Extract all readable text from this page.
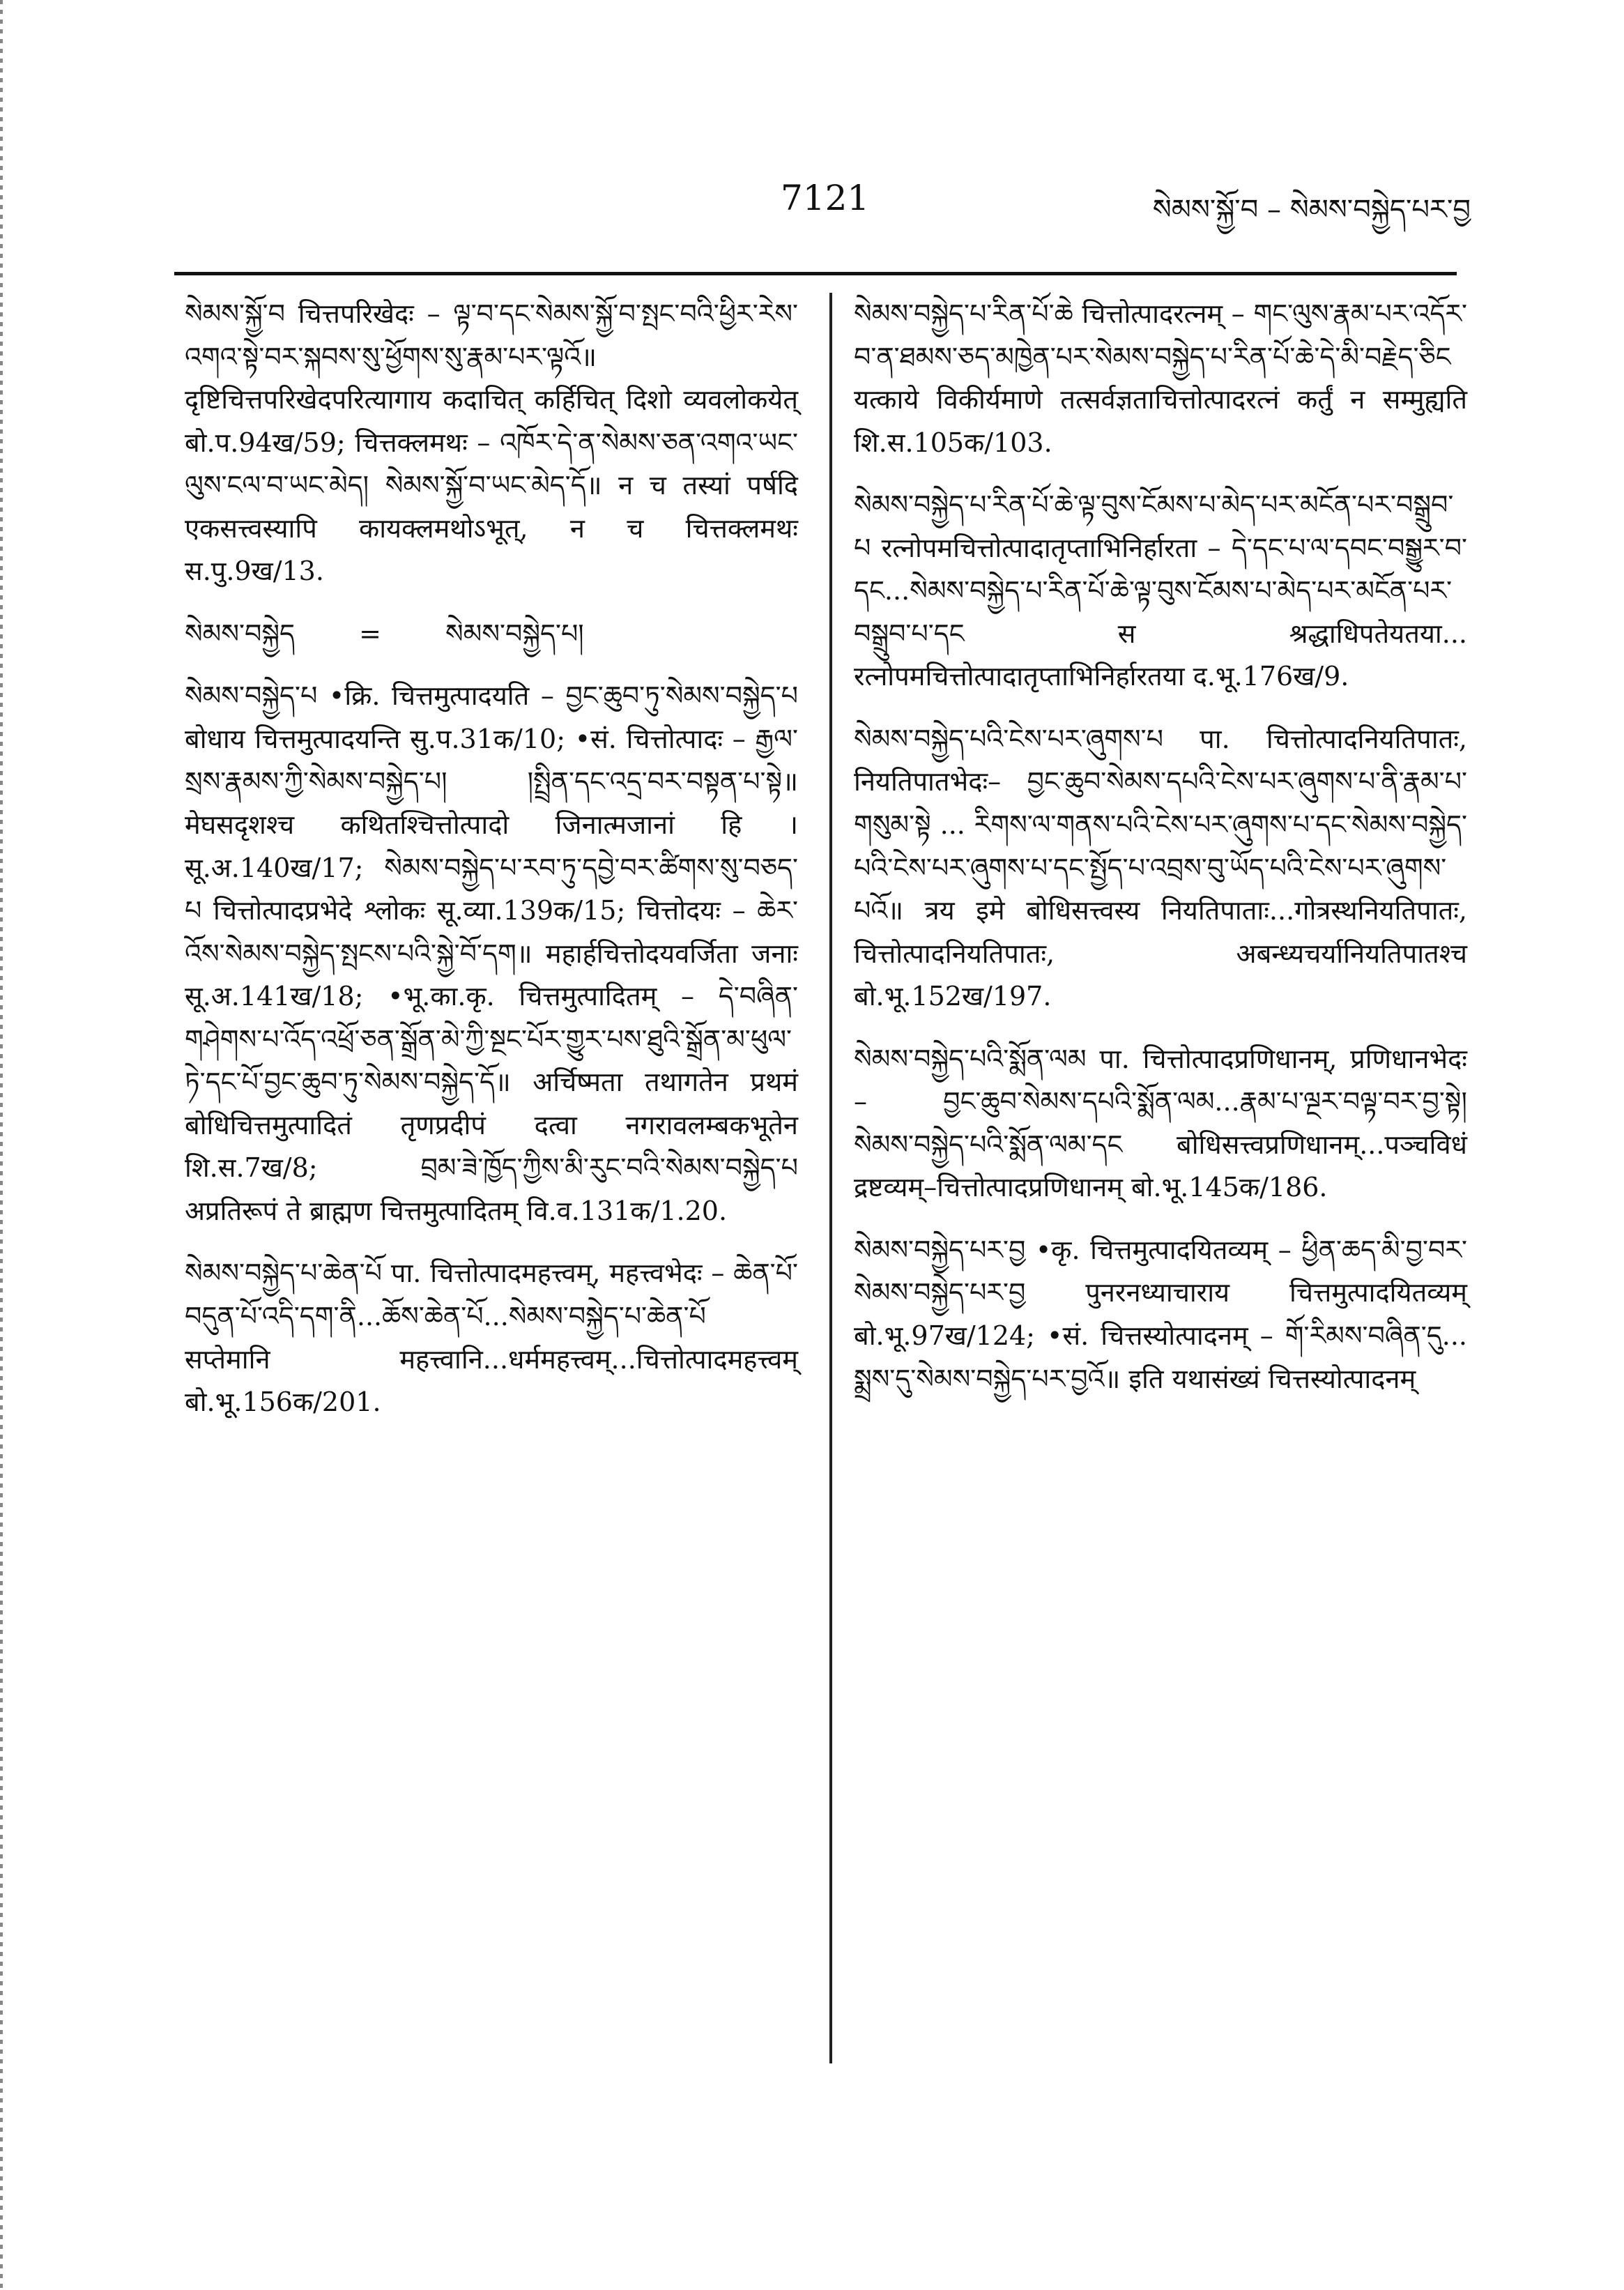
7121	སེམས་སྐྱོ་བ – སེམས་བསྐྱེད་པར་བྱ

སེམས་སྐྱོ་བ चित्तपरिखेदः – ལྟ་བ་དང་སེམས་སྐྱོ་བ་སྤང་བའི་ཕྱིར་རེས་འགའ་སྟེ་བར་སྐབས་སུ་ཕྱོགས་སུ་རྣམ་པར་ལྟའོ॥ दृष्टिचित्तपरिखेदपरित्यागाय कदाचित् कर्हिचित् दिशो व्यवलोकयेत् बो.प.94ख/59; चित्तक्लमथः – འཁོར་དེ་ན་སེམས་ཅན་འགའ་ཡང་ལུས་ངལ་བ་ཡང་མེད། སེམས་སྐྱོ་བ་ཡང་མེད་དོ॥ न च तस्यां पर्षदि एकसत्त्वस्यापि कायक्लमथोऽभूत्, न च चित्तक्लमथः स.पु.9ख/13.

སེམས་བསྐྱེད = སེམས་བསྐྱེད་པ།

སེམས་བསྐྱེད་པ •क्रि. चित्तमुत्पादयति – བྱང་ཆུབ་ཏུ་སེམས་བསྐྱེད་པ बोधाय चित्तमुत्पादयन्ति सु.प.31क/10; •सं. चित्तोत्पादः – རྒྱལ་སྲས་རྣམས་ཀྱི་སེམས་བསྐྱེད་པ། །སྤྲིན་དང་འདྲ་བར་བསྟན་པ་སྟེ॥ मेघसदृशश्च कथितश्चित्तोत्पादो जिनात्मजानां हि । सू.अ.140ख/17; སེམས་བསྐྱེད་པ་རབ་ཏུ་དབྱེ་བར་ཚིགས་སུ་བཅད་པ चित्तोत्पादप्रभेदे श्लोकः सू.व्या.139क/15; चित्तोदयः – ཆེར་འོས་སེམས་བསྐྱེད་སྤངས་པའི་སྐྱེ་བོ་དག॥ महार्हचित्तोदयवर्जिता जनाः सू.अ.141ख/18; •भू.का.कृ. चित्तमुत्पादितम् – དེ་བཞིན་གཤེགས་པ་འོད་འཕྲོ་ཅན་སྒྲོན་མེ་ཀྱི་སྔང་པོར་གྱུར་པས་ཐུའི་སྒྲོན་མ་ཕུལ་ཏེ་དང་པོ་བྱང་ཆུབ་ཏུ་སེམས་བསྐྱེད་དོ॥ अर्चिष्मता तथागतेन प्रथमं बोधिचित्तमुत्पादितं तृणप्रदीपं दत्वा नगरावलम्बकभूतेन शि.स.7ख/8; བྲམ་ཟེ་ཁྱོད་ཀྱིས་མི་རུང་བའི་སེམས་བསྐྱེད་པ अप्रतिरूपं ते ब्राह्मण चित्तमुत्पादितम् वि.व.131क/1.20.

སེམས་བསྐྱེད་པ་ཆེན་པོ पा. चित्तोत्पादमहत्त्वम्, महत्त्वभेदः – ཆེན་པོ་བདུན་པོ་འདི་དག་ནི...ཆོས་ཆེན་པོ...སེམས་བསྐྱེད་པ་ཆེན་པོ सप्तेमानि महत्त्वानि...धर्ममहत्त्वम्...चित्तोत्पादमहत्त्वम् बो.भू.156क/201.

སེམས་བསྐྱེད་པ་རིན་པོ་ཆེ चित्तोत्पादरत्नम् – གང་ལུས་རྣམ་པར་འདོར་བ་ན་ཐམས་ཅད་མཁྱེན་པར་སེམས་བསྐྱེད་པ་རིན་པོ་ཆེ་དེ་མི་བརྗེད་ཅིང यत्काये विकीर्यमाणे तत्सर्वज्ञताचित्तोत्पादरत्नं कर्तुं न सम्मुह्यति शि.स.105क/103.

སེམས་བསྐྱེད་པ་རིན་པོ་ཆེ་ལྟ་བུས་ངོམས་པ་མེད་པར་མངོན་པར་བསྒྲུབ་པ रत्नोपमचित्तोत्पादातृप्ताभिनिर्हारता – དེ་དང་པ་ལ་དབང་བསྒྱུར་བ་དང...སེམས་བསྐྱེད་པ་རིན་པོ་ཆེ་ལྟ་བུས་ངོམས་པ་མེད་པར་མངོན་པར་བསྒྲུབ་པ་དང स श्रद्धाधिपतेयतया... रत्नोपमचित्तोत्पादातृप्ताभिनिर्हारतया द.भू.176ख/9.

སེམས་བསྐྱེད་པའི་ངེས་པར་ཞུགས་པ पा. चित्तोत्पादनियतिपातः, नियतिपातभेदः– བྱང་ཆུབ་སེམས་དཔའི་ངེས་པར་ཞུགས་པ་ནི་རྣམ་པ་གསུམ་སྟེ ... རིགས་ལ་གནས་པའི་ངེས་པར་ཞུགས་པ་དང་སེམས་བསྐྱེད་པའི་ངེས་པར་ཞུགས་པ་དང་སྤྱོད་པ་འབྲས་བུ་ཡོད་པའི་ངེས་པར་ཞུགས་པའོ॥ त्रय इमे बोधिसत्त्वस्य नियतिपाताः...गोत्रस्थनियतिपातः, चित्तोत्पादनियतिपातः, अबन्ध्यचर्यानियतिपातश्च बो.भू.152ख/197.

སེམས་བསྐྱེད་པའི་སྨོན་ལམ पा. चित्तोत्पादप्रणिधानम्, प्रणिधानभेदः – བྱང་ཆུབ་སེམས་དཔའི་སྨོན་ལམ...རྣམ་པ་ལྔར་བལྟ་བར་བྱ་སྟེ། སེམས་བསྐྱེད་པའི་སྨོན་ལམ་དང बोधिसत्त्वप्रणिधानम्...पञ्चविधं द्रष्टव्यम्–चित्तोत्पादप्रणिधानम् बो.भू.145क/186.

སེམས་བསྐྱེད་པར་བྱ •कृ. चित्तमुत्पादयितव्यम् – ཕྱིན་ཆད་མི་བྱ་བར་སེམས་བསྐྱེད་པར་བྱ पुनरनध्याचाराय चित्तमुत्पादयितव्यम् बो.भू.97ख/124; •सं. चित्तस्योत्पादनम् – གོ་རིམས་བཞིན་དུ... སྨྲས་དུ་སེམས་བསྐྱེད་པར་བྱའོ॥ इति यथासंख्यं चित्तस्योत्पादनम्
